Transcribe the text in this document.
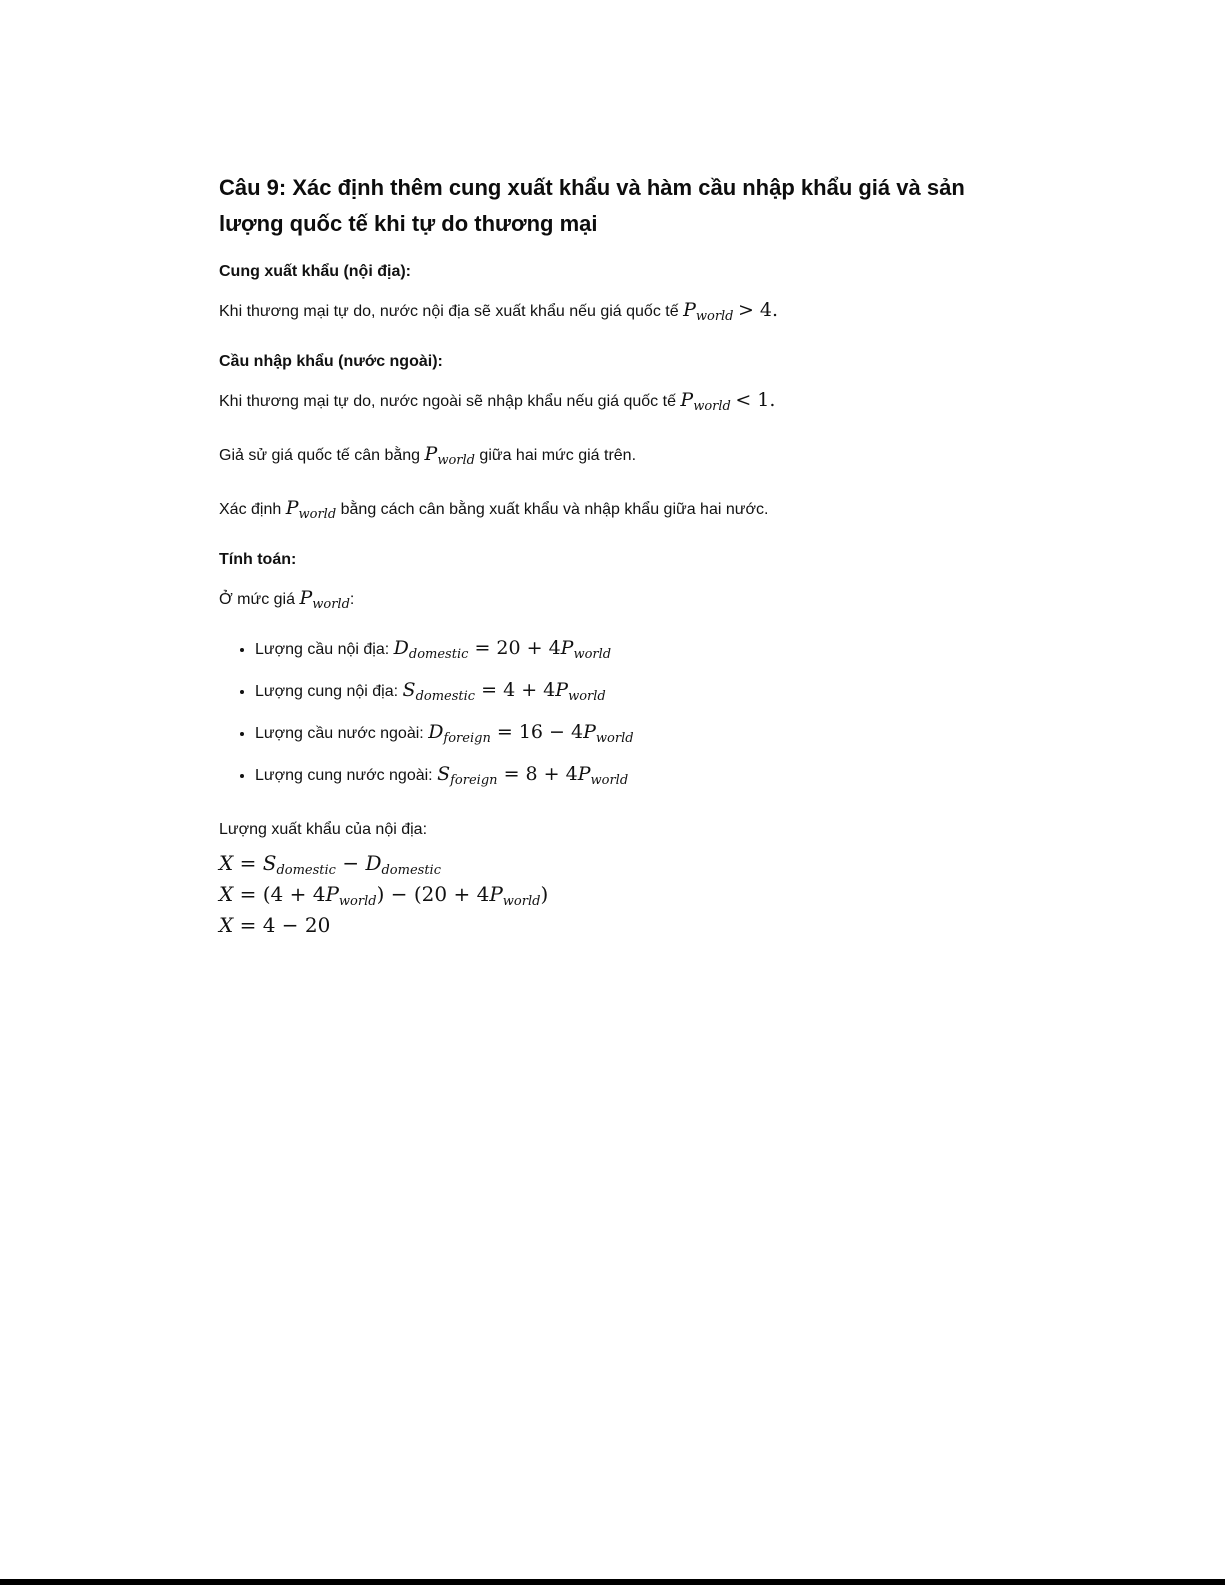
Câu 9: Xác định thêm cung xuất khẩu và hàm cầu nhập khẩu giá và sản lượng quốc tế khi tự do thương mại
Cung xuất khẩu (nội địa):
Khi thương mại tự do, nước nội địa sẽ xuất khẩu nếu giá quốc tế $P_{world} > 4$.
Cầu nhập khẩu (nước ngoài):
Khi thương mại tự do, nước ngoài sẽ nhập khẩu nếu giá quốc tế $P_{world} < 1$.
Giả sử giá quốc tế cân bằng $P_{world}$ giữa hai mức giá trên.
Xác định $P_{world}$ bằng cách cân bằng xuất khẩu và nhập khẩu giữa hai nước.
Tính toán:
Ở mức giá $P_{world}$:
• Lượng cầu nội địa: $D_{domestic} = 20 + 4P_{world}$
• Lượng cung nội địa: $S_{domestic} = 4 + 4P_{world}$
• Lượng cầu nước ngoài: $D_{foreign} = 16 - 4P_{world}$
• Lượng cung nước ngoài: $S_{foreign} = 8 + 4P_{world}$
Lượng xuất khẩu của nội địa:
$X = S_{domestic} - D_{domestic}$
$X = (4 + 4P_{world}) - (20 + 4P_{world})$
X = 4 − 20
